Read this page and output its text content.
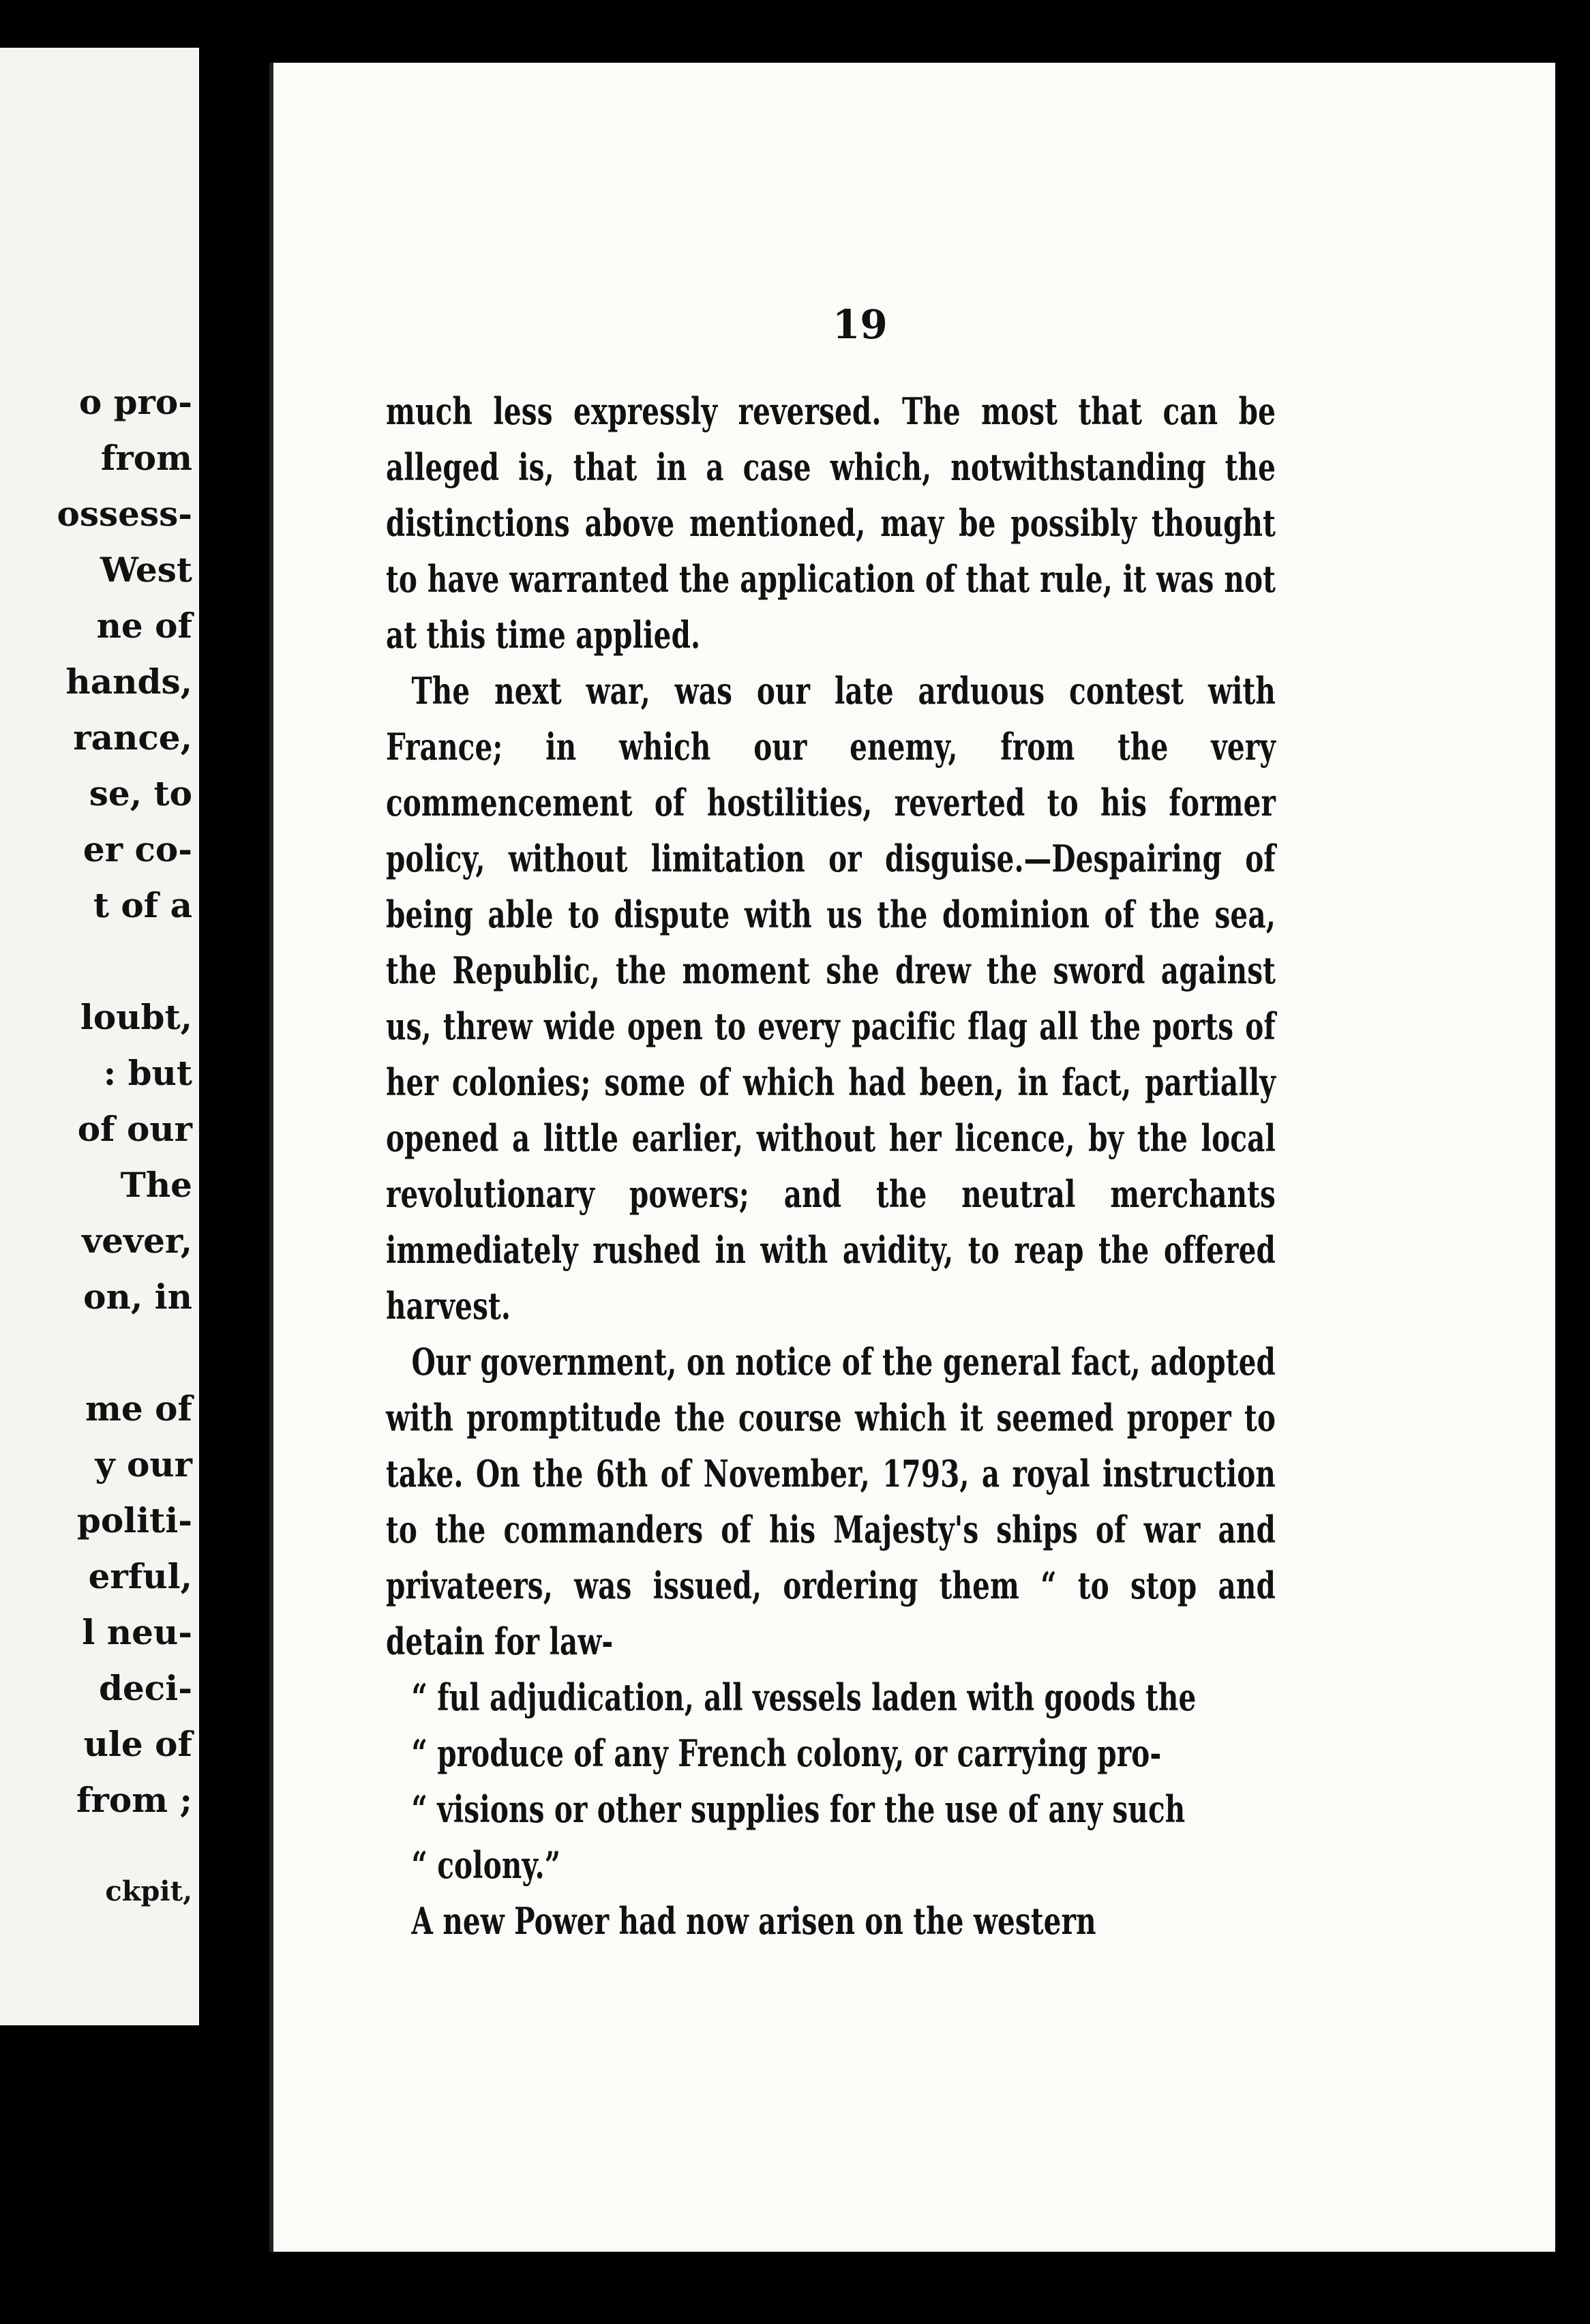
o pro-
from
ossess-
West
ne of
hands,
rance,
se, to
er co-
t of a
loubt,
: but
of our
The
vever,
on, in
me of
y our
politi-
erful,
l neu-
deci-
ule of
from ;
ckpit,
19

much less expressly reversed. The most that can be alleged is, that in a case which, notwithstanding the distinctions above mentioned, may be possibly thought to have warranted the application of that rule, it was not at this time applied.

The next war, was our late arduous contest with France; in which our enemy, from the very commencement of hostilities, reverted to his former policy, without limitation or disguise.—Despairing of being able to dispute with us the dominion of the sea, the Republic, the moment she drew the sword against us, threw wide open to every pacific flag all the ports of her colonies; some of which had been, in fact, partially opened a little earlier, without her licence, by the local revolutionary powers; and the neutral merchants immediately rushed in with avidity, to reap the offered harvest.

Our government, on notice of the general fact, adopted with promptitude the course which it seemed proper to take. On the 6th of November, 1793, a royal instruction to the commanders of his Majesty's ships of war and privateers, was issued, ordering them “ to stop and detain for law-
“ ful adjudication, all vessels laden with goods the
“ produce of any French colony, or carrying pro-
“ visions or other supplies for the use of any such
“ colony.”

A new Power had now arisen on the western
